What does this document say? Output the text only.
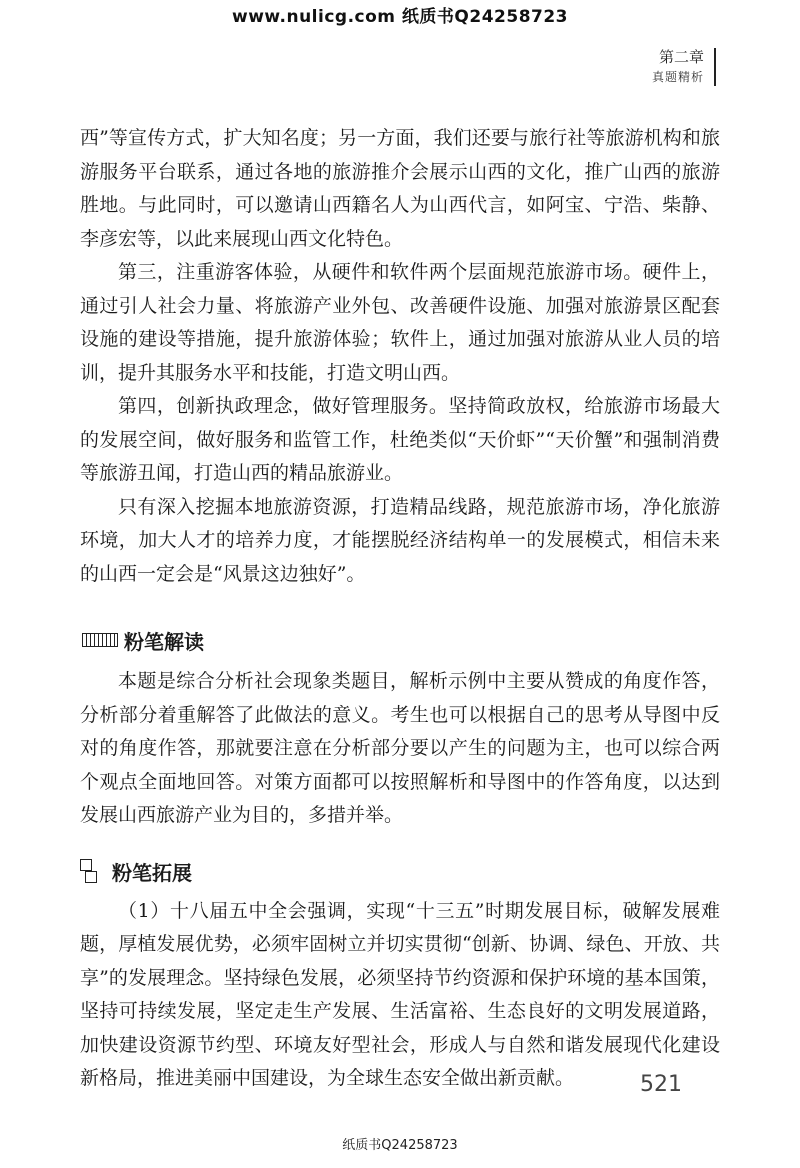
www.nulicg.com 纸质书Q24258723
第二章
真题精析

西”等宣传方式，扩大知名度；另一方面，我们还要与旅行社等旅游机构和旅游服务平台联系，通过各地的旅游推介会展示山西的文化，推广山西的旅游胜地。与此同时，可以邀请山西籍名人为山西代言，如阿宝、宁浩、柴静、李彦宏等，以此来展现山西文化特色。

第三，注重游客体验，从硬件和软件两个层面规范旅游市场。硬件上，通过引人社会力量、将旅游产业外包、改善硬件设施、加强对旅游景区配套设施的建设等措施，提升旅游体验；软件上，通过加强对旅游从业人员的培训，提升其服务水平和技能，打造文明山西。

第四，创新执政理念，做好管理服务。坚持简政放权，给旅游市场最大的发展空间，做好服务和监管工作，杜绝类似“天价虾”“天价蟹”和强制消费等旅游丑闻，打造山西的精品旅游业。

只有深入挖掘本地旅游资源，打造精品线路，规范旅游市场，净化旅游环境，加大人才的培养力度，才能摆脱经济结构单一的发展模式，相信未来的山西一定会是“风景这边独好”。

粉笔解读

本题是综合分析社会现象类题目，解析示例中主要从赞成的角度作答，分析部分着重解答了此做法的意义。考生也可以根据自己的思考从导图中反对的角度作答，那就要注意在分析部分要以产生的问题为主，也可以综合两个观点全面地回答。对策方面都可以按照解析和导图中的作答角度，以达到发展山西旅游产业为目的，多措并举。

粉笔拓展

（1）十八届五中全会强调，实现“十三五”时期发展目标，破解发展难题，厚植发展优势，必须牢固树立并切实贯彻“创新、协调、绿色、开放、共享”的发展理念。坚持绿色发展，必须坚持节约资源和保护环境的基本国策，坚持可持续发展，坚定走生产发展、生活富裕、生态良好的文明发展道路，加快建设资源节约型、环境友好型社会，形成人与自然和谐发展现代化建设新格局，推进美丽中国建设，为全球生态安全做出新贡献。	521
纸质书Q24258723
